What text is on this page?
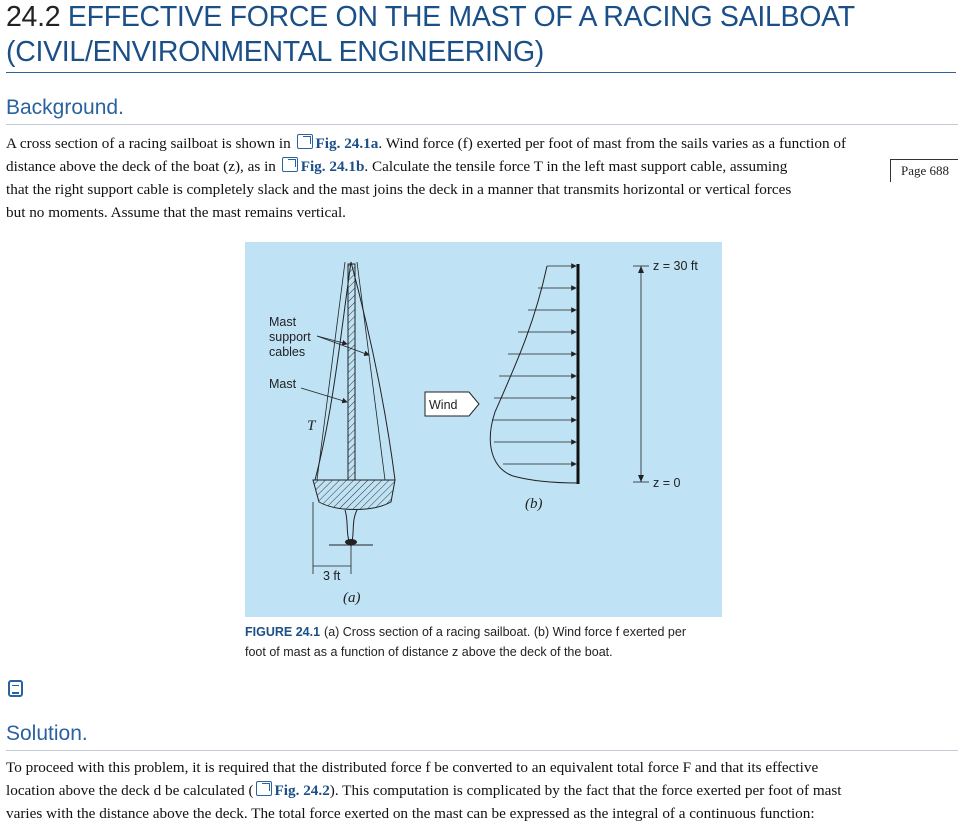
24.2 EFFECTIVE FORCE ON THE MAST OF A RACING SAILBOAT
(CIVIL/ENVIRONMENTAL ENGINEERING)
Background.
A cross section of a racing sailboat is shown in Fig. 24.1a. Wind force (f) exerted per foot of mast from the sails varies as a function of
distance above the deck of the boat (z), as in Fig. 24.1b. Calculate the tensile force T in the left mast support cable, assuming
that the right support cable is completely slack and the mast joins the deck in a manner that transmits horizontal or vertical forces
but no moments. Assume that the mast remains vertical.
Page 688
Mast
support
cables
Mast
T
3 ft
(a)
Wind
z = 30 ft
z = 0
(b)
FIGURE 24.1 (a) Cross section of a racing sailboat. (b) Wind force f exerted per
foot of mast as a function of distance z above the deck of the boat.
Solution.
To proceed with this problem, it is required that the distributed force f be converted to an equivalent total force F and that its effective
location above the deck d be calculated ( Fig. 24.2). This computation is complicated by the fact that the force exerted per foot of mast
varies with the distance above the deck. The total force exerted on the mast can be expressed as the integral of a continuous function:
